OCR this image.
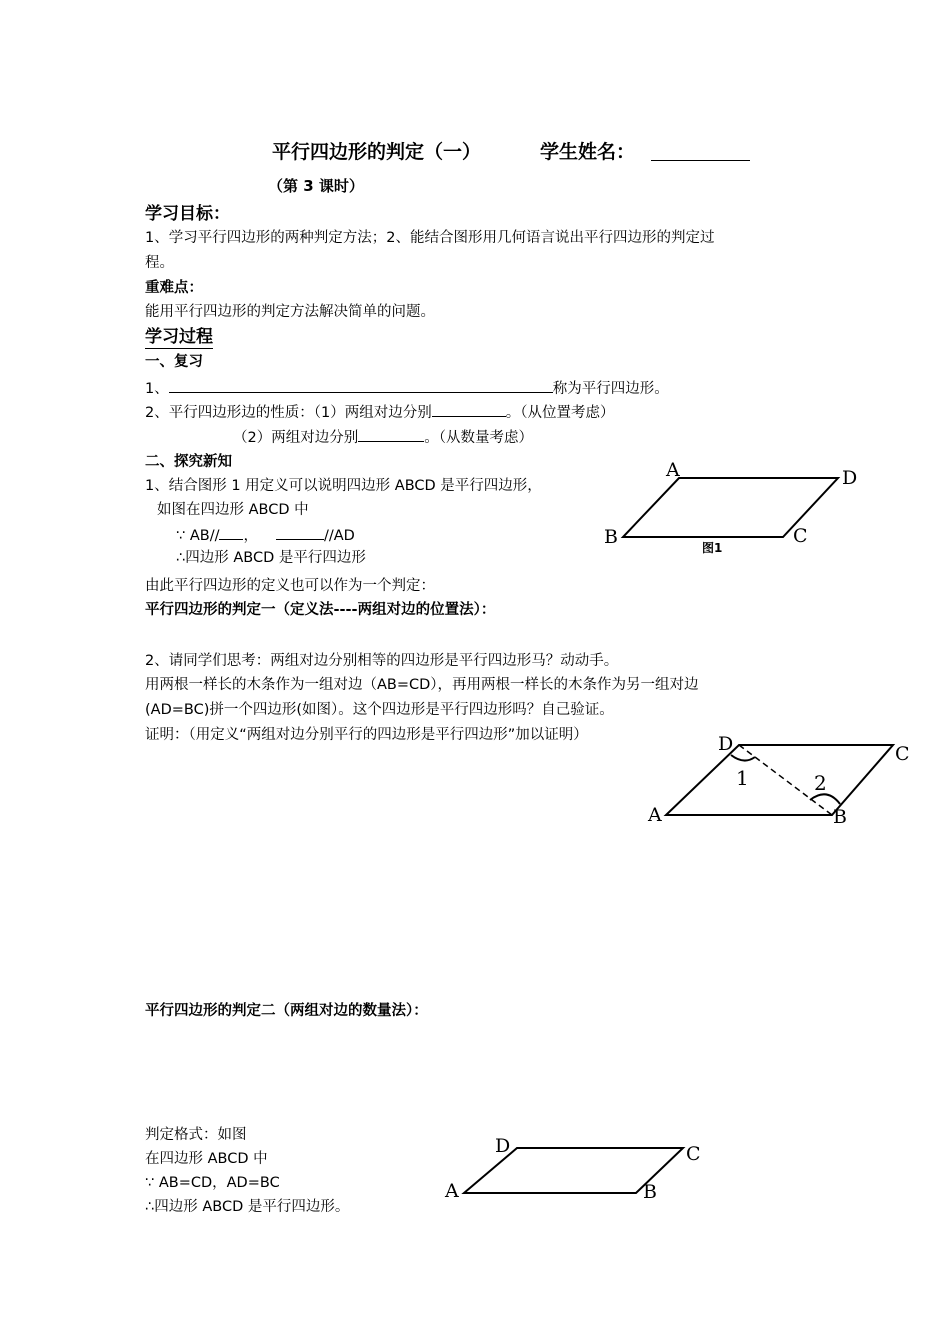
平行四边形的判定（一）	学生姓名：
（第 3 课时）
学习目标：
1、学习平行四边形的两种判定方法；2、能结合图形用几何语言说出平行四边形的判定过
程。
重难点：
能用平行四边形的判定方法解决简单的问题。
学习过程
一、复习
1、	称为平行四边形。
2、平行四边形边的性质：（1）两组对边分别	。（从位置考虑）
（2）两组对边分别	。（从数量考虑）
二、探究新知
1、结合图形 1 用定义可以说明四边形 ABCD 是平行四边形，
如图在四边形 ABCD 中
∵ AB// ，	//AD
∴四边形 ABCD 是平行四边形
由此平行四边形的定义也可以作为一个判定：
平行四边形的判定一（定义法----两组对边的位置法）：
2、请同学们思考：两组对边分别相等的四边形是平行四边形马？动动手。
用两根一样长的木条作为一组对边（AB=CD），再用两根一样长的木条作为另一组对边
(AD=BC)拼一个四边形(如图）。这个四边形是平行四边形吗？自己验证。
证明：（用定义“两组对边分别平行的四边形是平行四边形”加以证明）
平行四边形的判定二（两组对边的数量法）：
判定格式：如图
在四边形 ABCD 中
∵ AB=CD，AD=BC
∴四边形 ABCD 是平行四边形。
A	D
B	C
图1
D	C
A	B
1	2
D	C
A	B
